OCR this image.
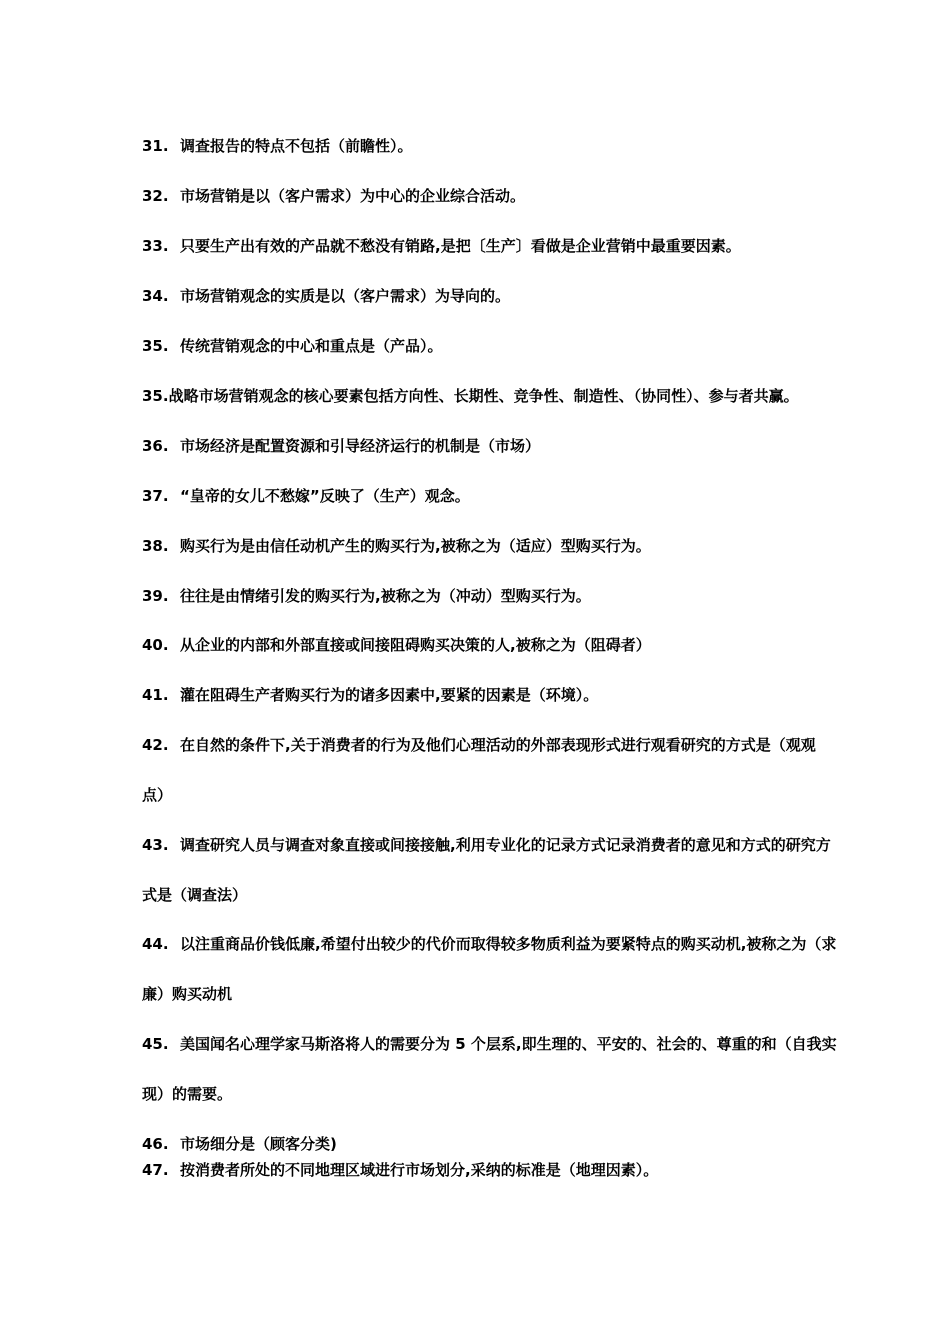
31. 调查报告的特点不包括（前瞻性）。
32. 市场营销是以（客户需求）为中心的企业综合活动。
33. 只要生产出有效的产品就不愁没有销路,是把〔生产〕看做是企业营销中最重要因素。
34. 市场营销观念的实质是以（客户需求）为导向的。
35. 传统营销观念的中心和重点是（产品）。
35.战略市场营销观念的核心要素包括方向性、长期性、竞争性、制造性、（协同性）、参与者共赢。
36. 市场经济是配置资源和引导经济运行的机制是（市场）
37. “皇帝的女儿不愁嫁”反映了（生产）观念。
38. 购买行为是由信任动机产生的购买行为,被称之为（适应）型购买行为。
39. 往往是由情绪引发的购买行为,被称之为（冲动）型购买行为。
40. 从企业的内部和外部直接或间接阻碍购买决策的人,被称之为（阻碍者）
41. 灌在阻碍生产者购买行为的诸多因素中,要紧的因素是（环境）。
42. 在自然的条件下,关于消费者的行为及他们心理活动的外部表现形式进行观看研究的方式是（观观
点）
43. 调查研究人员与调查对象直接或间接接触,利用专业化的记录方式记录消费者的意见和方式的研究方
式是（调查法）
44. 以注重商品价钱低廉,希望付出较少的代价而取得较多物质利益为要紧特点的购买动机,被称之为（求
廉）购买动机
45. 美国闻名心理学家马斯洛将人的需要分为 5 个层系,即生理的、平安的、社会的、尊重的和（自我实
现）的需要。
46. 市场细分是（顾客分类)
47. 按消费者所处的不同地理区域进行市场划分,采纳的标准是（地理因素）。
